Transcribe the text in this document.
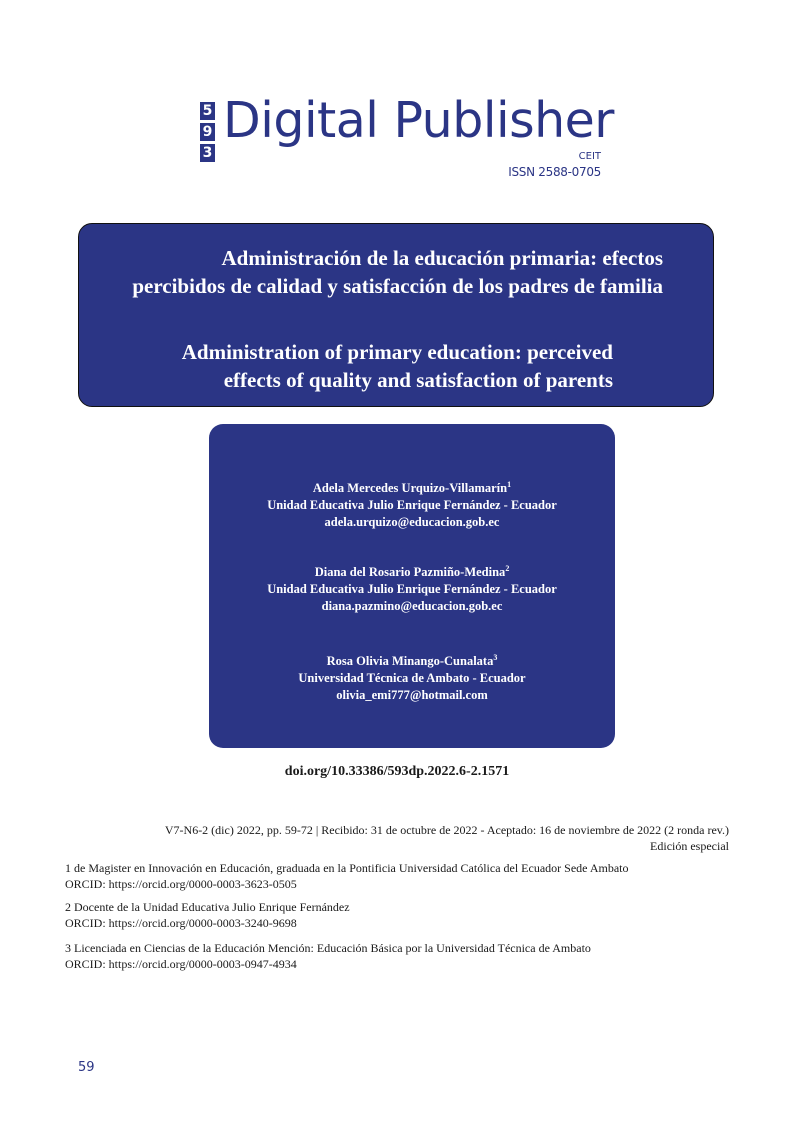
5
9
3
Digital Publisher
CEIT
ISSN 2588-0705

Administración de la educación primaria: efectos
percibidos de calidad y satisfacción de los padres de familia

Administration of primary education: perceived
effects of quality and satisfaction of parents

Adela Mercedes Urquizo-Villamarín$^1$
Unidad Educativa Julio Enrique Fernández - Ecuador
adela.urquizo@educacion.gob.ec
Diana del Rosario Pazmiño-Medina$^2$
Unidad Educativa Julio Enrique Fernández - Ecuador
diana.pazmino@educacion.gob.ec
Rosa Olivia Minango-Cunalata$^3$
Universidad Técnica de Ambato - Ecuador
olivia_emi777@hotmail.com
doi.org/10.33386/593dp.2022.6-2.1571
V7-N6-2 (dic) 2022, pp. 59-72 | Recibido: 31 de octubre de 2022 - Aceptado: 16 de noviembre de 2022 (2 ronda rev.)
Edición especial
1 de Magister en Innovación en Educación, graduada en la Pontificia Universidad Católica del Ecuador Sede Ambato
ORCID: https://orcid.org/0000-0003-3623-0505
2 Docente de la Unidad Educativa Julio Enrique Fernández
ORCID: https://orcid.org/0000-0003-3240-9698
3 Licenciada en Ciencias de la Educación Mención: Educación Básica por la Universidad Técnica de Ambato
ORCID: https://orcid.org/0000-0003-0947-4934
59
